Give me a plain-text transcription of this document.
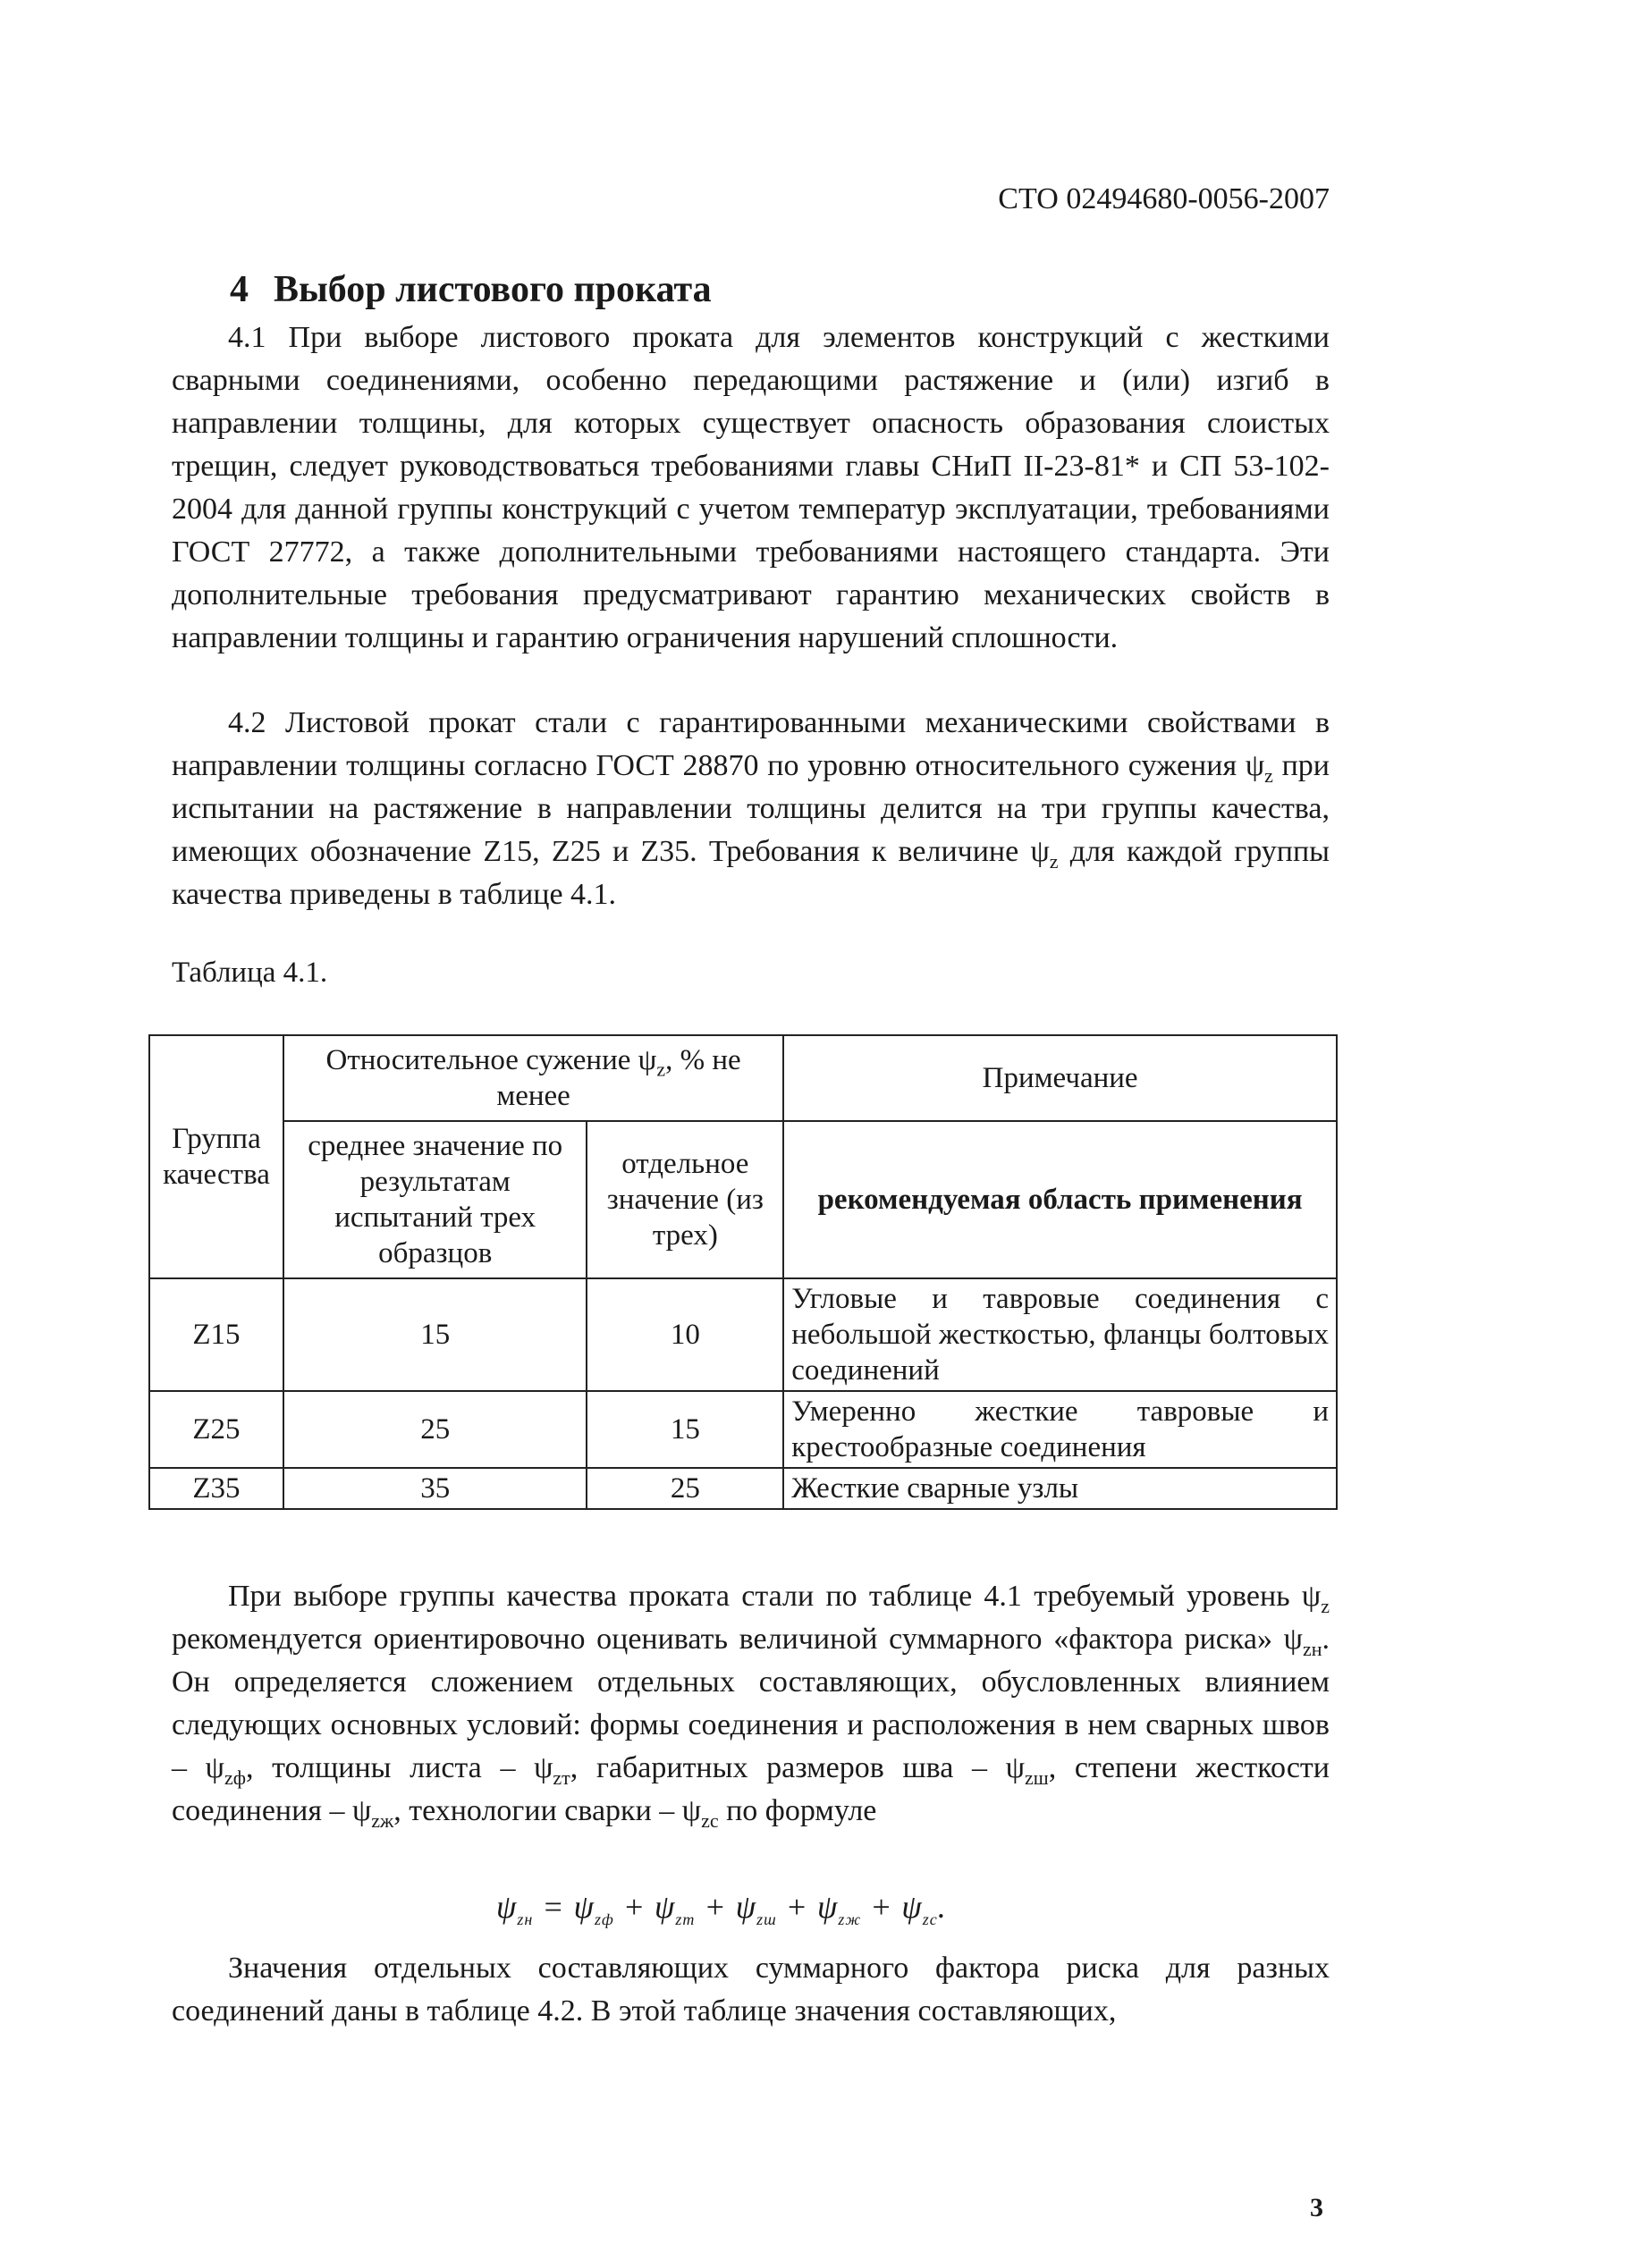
СТО 02494680-0056-2007
4 Выбор листового проката

4.1 При выборе листового проката для элементов конструкций с жесткими сварными соединениями, особенно передающими растяжение и (или) изгиб в направлении толщины, для которых существует опасность образования слоистых трещин, следует руководствоваться требованиями главы СНиП II-23-81* и СП 53-102-2004 для данной группы конструкций с учетом температур эксплуатации, требованиями ГОСТ 27772, а также дополнительными требованиями настоящего стандарта. Эти дополнительные требования предусматривают гарантию механических свойств в направлении толщины и гарантию ограничения нарушений сплошности.

4.2 Листовой прокат стали с гарантированными механическими свойствами в направлении толщины согласно ГОСТ 28870 по уровню относительного сужения $\psi_z$ при испытании на растяжение в направлении толщины делится на три группы качества, имеющих обозначение Z15, Z25 и Z35. Требования к величине $\psi_z$ для каждой группы качества приведены в таблице 4.1.

Таблица 4.1.
Группа качества	Относительное сужение $\psi_z$, % не менее		Примечание
	среднее значение по результатам испытаний трех образцов	отдельное значение (из трех)	рекомендуемая область применения
Z15	15	10	Угловые и тавровые соединения с небольшой жесткостью, фланцы болтовых соединений
Z25	25	15	Умеренно жесткие тавровые и крестообразные соединения
Z35	35	25	Жесткие сварные узлы

При выборе группы качества проката стали по таблице 4.1 требуемый уровень $\psi_z$ рекомендуется ориентировочно оценивать величиной суммарного «фактора риска» $\psi_{zн}$. Он определяется сложением отдельных составляющих, обусловленных влиянием следующих основных условий: формы соединения и расположения в нем сварных швов – $\psi_{zф}$, толщины листа – $\psi_{zт}$, габаритных размеров шва – $\psi_{zш}$, степени жесткости соединения – $\psi_{zж}$, технологии сварки – $\psi_{zc}$ по формуле

$\psi_{zн} = \psi_{zф} + \psi_{zт} + \psi_{zш} + \psi_{zж} + \psi_{zc}$.

Значения отдельных составляющих суммарного фактора риска для разных соединений даны в таблице 4.2. В этой таблице значения составляющих,

3
